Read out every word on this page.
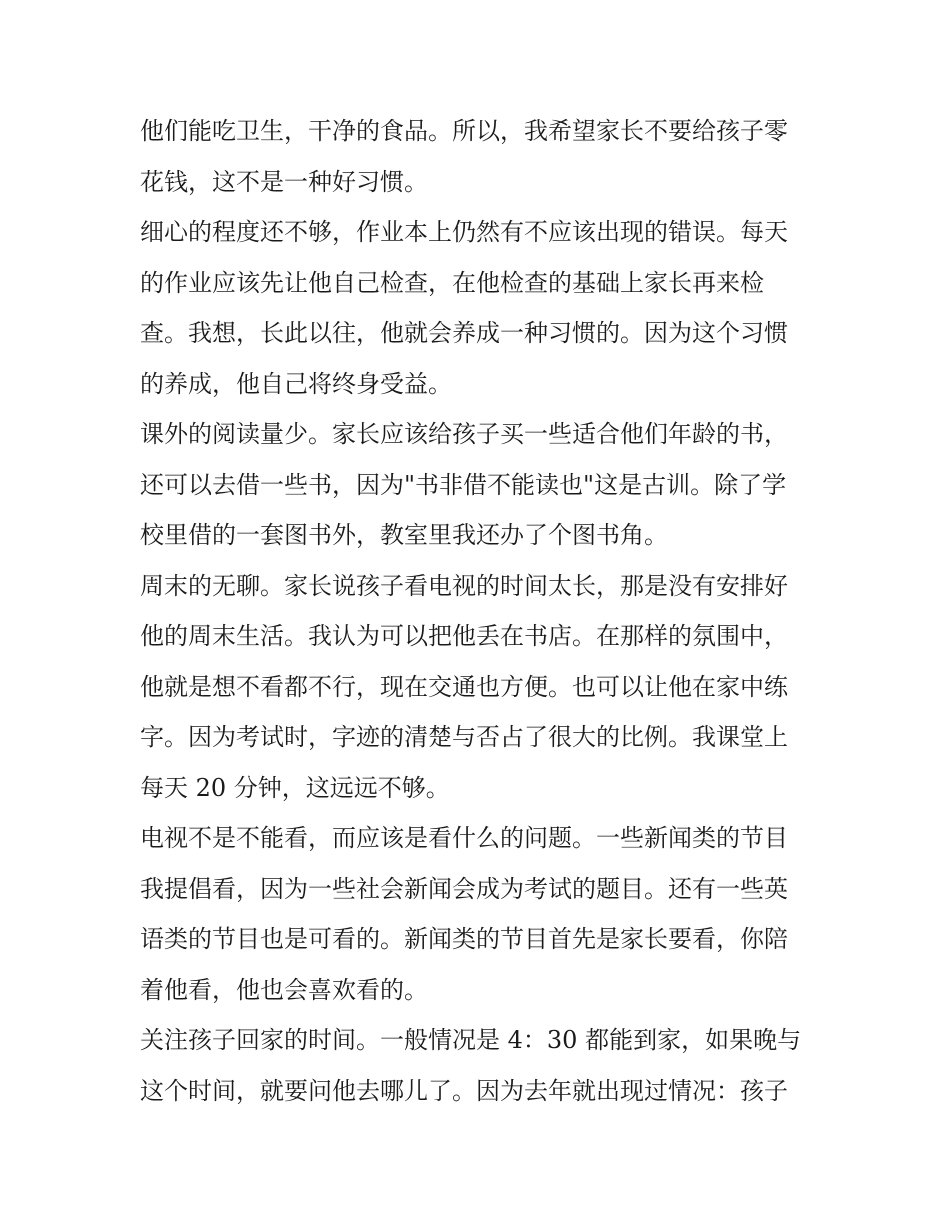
他们能吃卫生，干净的食品。所以，我希望家长不要给孩子零
花钱，这不是一种好习惯。
细心的程度还不够，作业本上仍然有不应该出现的错误。每天
的作业应该先让他自己检查，在他检查的基础上家长再来检
查。我想，长此以往，他就会养成一种习惯的。因为这个习惯
的养成，他自己将终身受益。
课外的阅读量少。家长应该给孩子买一些适合他们年龄的书，
还可以去借一些书，因为"书非借不能读也"这是古训。除了学
校里借的一套图书外，教室里我还办了个图书角。
周末的无聊。家长说孩子看电视的时间太长，那是没有安排好
他的周末生活。我认为可以把他丢在书店。在那样的氛围中，
他就是想不看都不行，现在交通也方便。也可以让他在家中练
字。因为考试时，字迹的清楚与否占了很大的比例。我课堂上
每天 20 分钟，这远远不够。
电视不是不能看，而应该是看什么的问题。一些新闻类的节目
我提倡看，因为一些社会新闻会成为考试的题目。还有一些英
语类的节目也是可看的。新闻类的节目首先是家长要看，你陪
着他看，他也会喜欢看的。
关注孩子回家的时间。一般情况是 4：30 都能到家，如果晚与
这个时间，就要问他去哪儿了。因为去年就出现过情况：孩子
